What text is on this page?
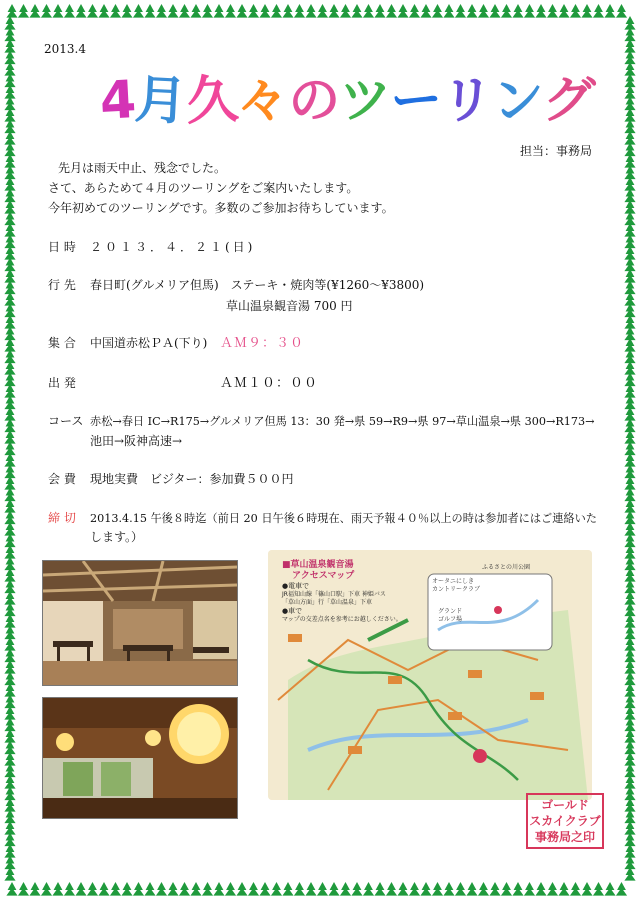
2013.4
4月久々のツーリング
担当：事務局
先月は雨天中止、残念でした。
さて、あらためて４月のツーリングをご案内いたします。
今年初めてのツーリングです。多数のご参加お待ちしています。
日 時 ２０１３．４．２１(日)
行 先 春日町(グルメリア但馬)　ステーキ・焼肉等(¥1260～¥3800)
草山温泉観音湯 700 円
集 合 中国道赤松ＰＡ(下り) ＡＭ９：３０
出 発	ＡＭ１０：００
コース 赤松→春日 IC→R175→グルメリア但馬 13：30 発→県 59→R9→県 97→草山温泉→県 300→R173→
池田→阪神高速→
会 費 現地実費　ビジター：参加費５００円
締 切 2013.4.15 午後８時迄（前日 20 日午後６時現在、雨天予報４０％以上の時は参加者にはご連絡いた
します。）
■草山温泉観音湯
アクセスマップ
●電車で
JR福知山線「篠山口駅」下車 神姫バス
「草山方面」行「草山温泉」下車
●車で
マップの交差点名を参考にお越しください。
オータニにしき
カントリークラブ
グランド
ゴルフ場
ふるさとの川公園
ゴールド
スカイクラブ
事務局之印
